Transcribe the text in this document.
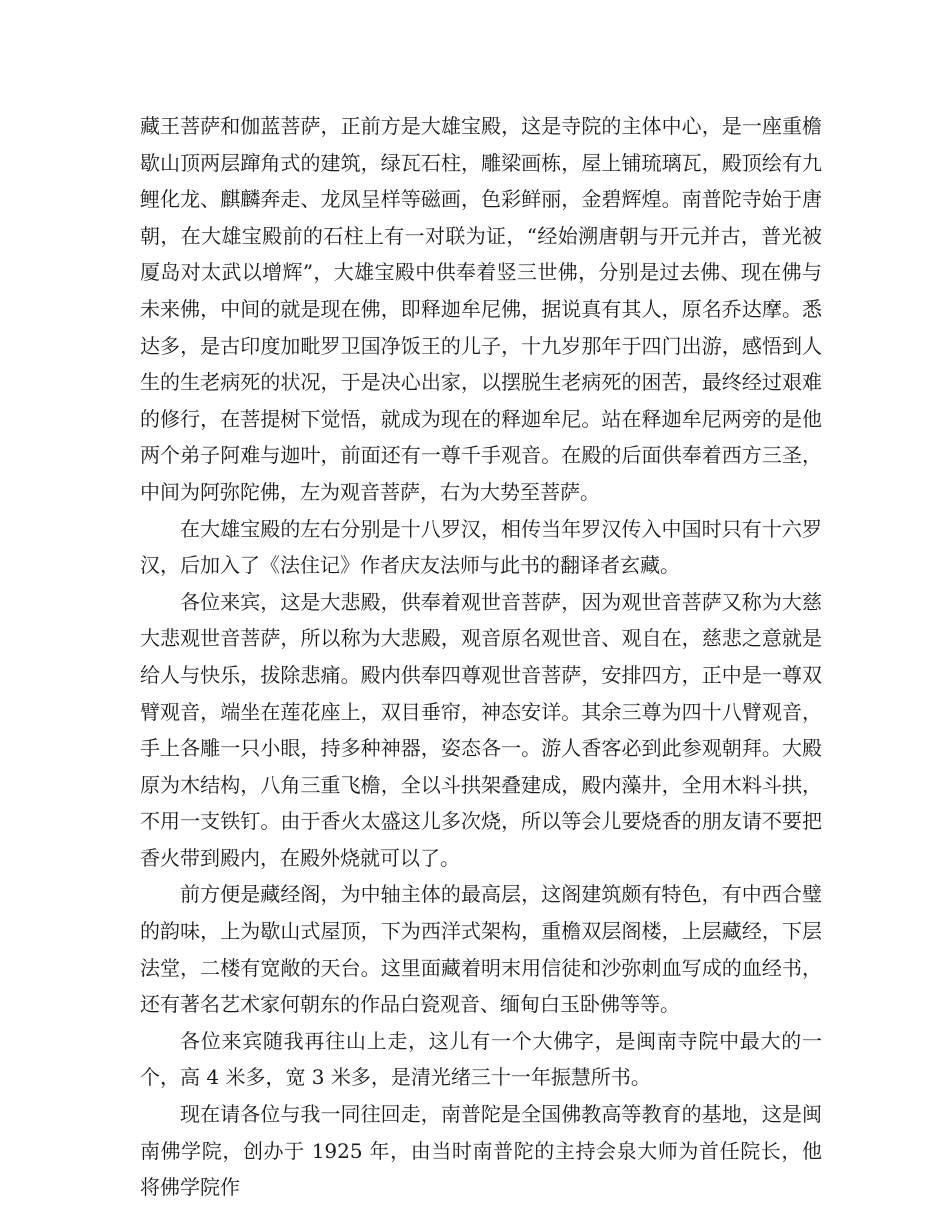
藏王菩萨和伽蓝菩萨，正前方是大雄宝殿，这是寺院的主体中心，是一座重檐歇山顶两层蹿角式的建筑，绿瓦石柱，雕梁画栋，屋上铺琉璃瓦，殿顶绘有九鲤化龙、麒麟奔走、龙凤呈样等磁画，色彩鲜丽，金碧辉煌。南普陀寺始于唐朝，在大雄宝殿前的石柱上有一对联为证，“经始溯唐朝与开元并古，普光被厦岛对太武以增辉”，大雄宝殿中供奉着竖三世佛，分别是过去佛、现在佛与未来佛，中间的就是现在佛，即释迦牟尼佛，据说真有其人，原名乔达摩。悉达多，是古印度加毗罗卫国净饭王的儿子，十九岁那年于四门出游，感悟到人生的生老病死的状况，于是决心出家，以摆脱生老病死的困苦，最终经过艰难的修行，在菩提树下觉悟，就成为现在的释迦牟尼。站在释迦牟尼两旁的是他两个弟子阿难与迦叶，前面还有一尊千手观音。在殿的后面供奉着西方三圣，中间为阿弥陀佛，左为观音菩萨，右为大势至菩萨。

在大雄宝殿的左右分别是十八罗汉，相传当年罗汉传入中国时只有十六罗汉，后加入了《法住记》作者庆友法师与此书的翻译者玄藏。

各位来宾，这是大悲殿，供奉着观世音菩萨，因为观世音菩萨又称为大慈大悲观世音菩萨，所以称为大悲殿，观音原名观世音、观自在，慈悲之意就是给人与快乐，拔除悲痛。殿内供奉四尊观世音菩萨，安排四方，正中是一尊双臂观音，端坐在莲花座上，双目垂帘，神态安详。其余三尊为四十八臂观音，手上各雕一只小眼，持多种神器，姿态各一。游人香客必到此参观朝拜。大殿原为木结构，八角三重飞檐，全以斗拱架叠建成，殿内藻井，全用木料斗拱，不用一支铁钉。由于香火太盛这儿多次烧，所以等会儿要烧香的朋友请不要把香火带到殿内，在殿外烧就可以了。

前方便是藏经阁，为中轴主体的最高层，这阁建筑颇有特色，有中西合璧的韵味，上为歇山式屋顶，下为西洋式架构，重檐双层阁楼，上层藏经，下层法堂，二楼有宽敞的天台。这里面藏着明末用信徒和沙弥刺血写成的血经书，还有著名艺术家何朝东的作品白瓷观音、缅甸白玉卧佛等等。

各位来宾随我再往山上走，这儿有一个大佛字，是闽南寺院中最大的一个，高 4 米多，宽 3 米多，是清光绪三十一年振慧所书。

现在请各位与我一同往回走，南普陀是全国佛教高等教育的基地，这是闽南佛学院，创办于 1925 年，由当时南普陀的主持会泉大师为首任院长，他将佛学院作
